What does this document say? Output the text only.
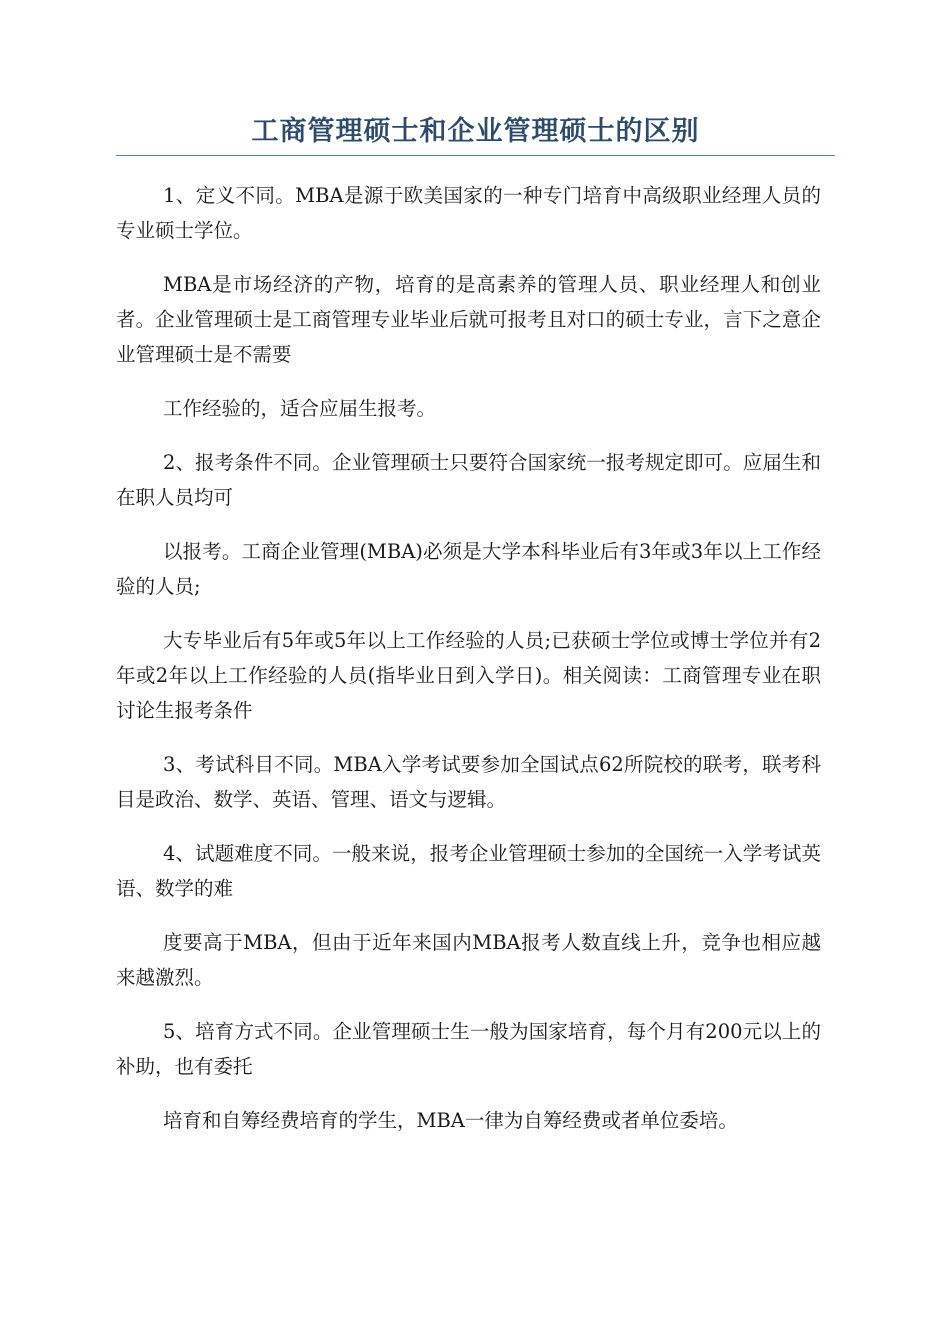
工商管理硕士和企业管理硕士的区别

1、定义不同。MBA是源于欧美国家的一种专门培育中高级职业经理人员的专业硕士学位。

MBA是市场经济的产物，培育的是高素养的管理人员、职业经理人和创业者。企业管理硕士是工商管理专业毕业后就可报考且对口的硕士专业，言下之意企业管理硕士是不需要

工作经验的，适合应届生报考。

2、报考条件不同。企业管理硕士只要符合国家统一报考规定即可。应届生和在职人员均可

以报考。工商企业管理(MBA)必须是大学本科毕业后有3年或3年以上工作经验的人员;

大专毕业后有5年或5年以上工作经验的人员;已获硕士学位或博士学位并有2年或2年以上工作经验的人员(指毕业日到入学日)。相关阅读：工商管理专业在职讨论生报考条件

3、考试科目不同。MBA入学考试要参加全国试点62所院校的联考，联考科目是政治、数学、英语、管理、语文与逻辑。

4、试题难度不同。一般来说，报考企业管理硕士参加的全国统一入学考试英语、数学的难

度要高于MBA，但由于近年来国内MBA报考人数直线上升，竞争也相应越来越激烈。

5、培育方式不同。企业管理硕士生一般为国家培育，每个月有200元以上的补助，也有委托

培育和自筹经费培育的学生，MBA一律为自筹经费或者单位委培。
